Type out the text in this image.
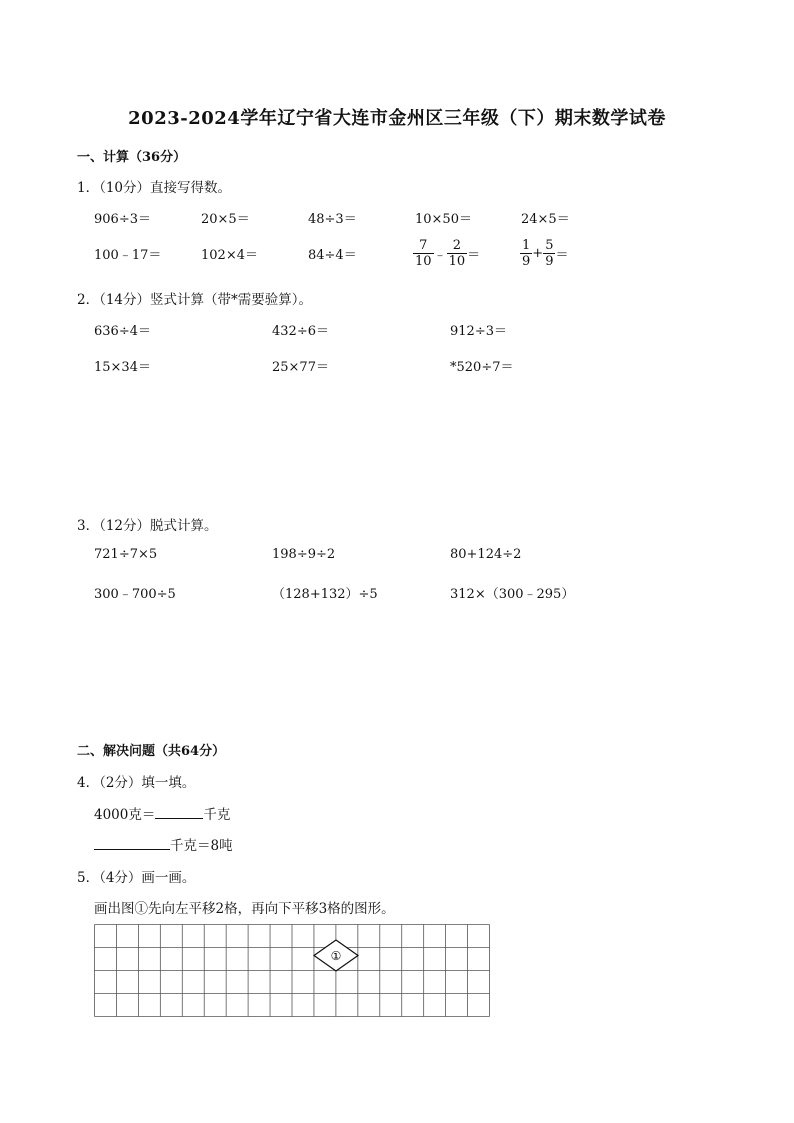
2023-2024学年辽宁省大连市金州区三年级（下）期末数学试卷
一、计算（36分）
1．（10分）直接写得数。
906÷3＝	20×5＝	48÷3＝	10×50＝	24×5＝
100﹣17＝	102×4＝	84÷4＝	$\frac{7}{10}$ ﹣ $\frac{2}{10}$ ＝	$\frac{1}{9} + \frac{5}{9}$ ＝
2．（14分）竖式计算（带*需要验算）。
636÷4＝	432÷6＝	912÷3＝
15×34＝	25×77＝	*520÷7＝
3．（12分）脱式计算。
721÷7×5	198÷9÷2	80+124÷2
300﹣700÷5	（128+132）÷5	312×（300﹣295）
二、解决问题（共64分）
4．（2分）填一填。
4000克＝	千克
千克＝8吨
5．（4分）画一画。
画出图①先向左平移2格，再向下平移3格的图形。
①
